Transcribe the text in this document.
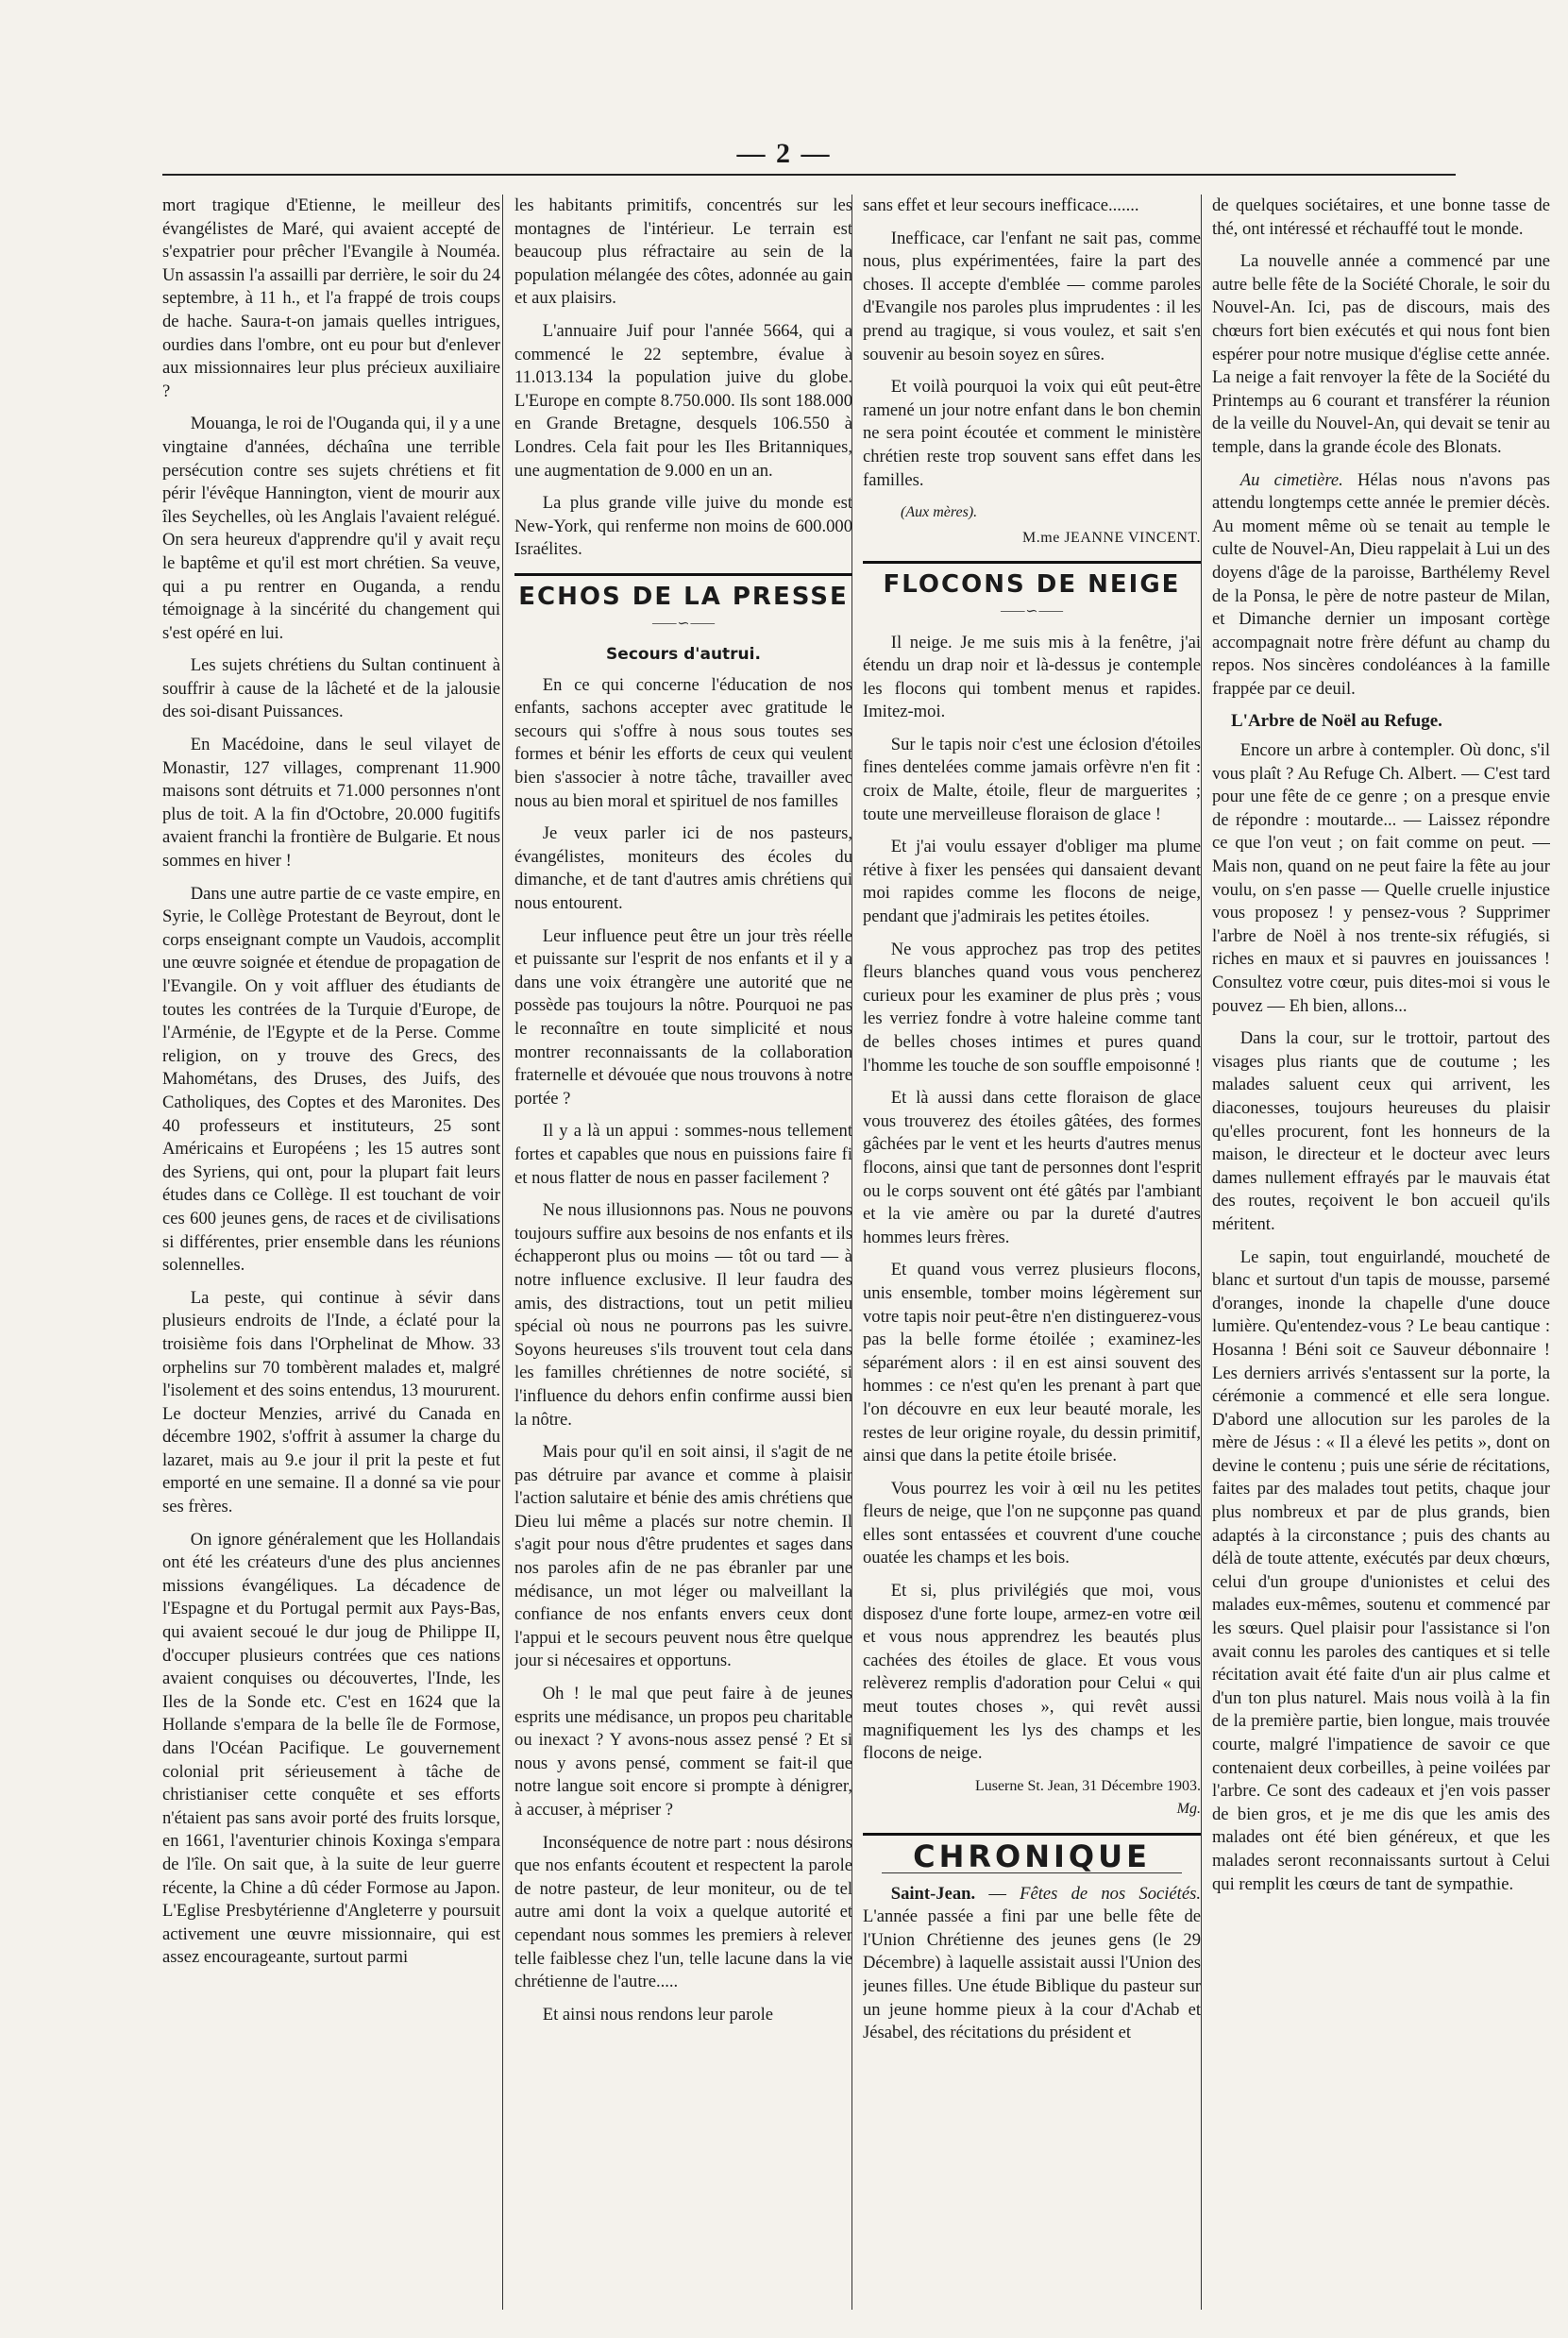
— 2 —

mort tragique d'Etienne, le meilleur des évangélistes de Maré, qui avaient accepté de s'expatrier pour prêcher l'Evangile à Nouméa. Un assassin l'a assailli par derrière, le soir du 24 septembre, à 11 h., et l'a frappé de trois coups de hache. Saura-t-on jamais quelles intrigues, ourdies dans l'ombre, ont eu pour but d'enlever aux missionnaires leur plus précieux auxiliaire ?

Mouanga, le roi de l'Ouganda qui, il y a une vingtaine d'années, déchaîna une terrible persécution contre ses sujets chrétiens et fit périr l'évêque Hannington, vient de mourir aux îles Seychelles, où les Anglais l'avaient relégué. On sera heureux d'apprendre qu'il y avait reçu le baptême et qu'il est mort chrétien. Sa veuve, qui a pu rentrer en Ouganda, a rendu témoignage à la sincérité du changement qui s'est opéré en lui.

Les sujets chrétiens du Sultan continuent à souffrir à cause de la lâcheté et de la jalousie des soi-disant Puissances.

En Macédoine, dans le seul vilayet de Monastir, 127 villages, comprenant 11.900 maisons sont détruits et 71.000 personnes n'ont plus de toit. A la fin d'Octobre, 20.000 fugitifs avaient franchi la frontière de Bulgarie. Et nous sommes en hiver !

Dans une autre partie de ce vaste empire, en Syrie, le Collège Protestant de Beyrout, dont le corps enseignant compte un Vaudois, accomplit une œuvre soignée et étendue de propagation de l'Evangile. On y voit affluer des étudiants de toutes les contrées de la Turquie d'Europe, de l'Arménie, de l'Egypte et de la Perse. Comme religion, on y trouve des Grecs, des Mahométans, des Druses, des Juifs, des Catholiques, des Coptes et des Maronites. Des 40 professeurs et instituteurs, 25 sont Américains et Européens ; les 15 autres sont des Syriens, qui ont, pour la plupart fait leurs études dans ce Collège. Il est touchant de voir ces 600 jeunes gens, de races et de civilisations si différentes, prier ensemble dans les réunions solennelles.

La peste, qui continue à sévir dans plusieurs endroits de l'Inde, a éclaté pour la troisième fois dans l'Orphelinat de Mhow. 33 orphelins sur 70 tombèrent malades et, malgré l'isolement et des soins entendus, 13 moururent. Le docteur Menzies, arrivé du Canada en décembre 1902, s'offrit à assumer la charge du lazaret, mais au 9.e jour il prit la peste et fut emporté en une semaine. Il a donné sa vie pour ses frères.

On ignore généralement que les Hollandais ont été les créateurs d'une des plus anciennes missions évangéliques. La décadence de l'Espagne et du Portugal permit aux Pays-Bas, qui avaient secoué le dur joug de Philippe II, d'occuper plusieurs contrées que ces nations avaient conquises ou découvertes, l'Inde, les Iles de la Sonde etc. C'est en 1624 que la Hollande s'empara de la belle île de Formose, dans l'Océan Pacifique. Le gouvernement colonial prit sérieusement à tâche de christianiser cette conquête et ses efforts n'étaient pas sans avoir porté des fruits lorsque, en 1661, l'aventurier chinois Koxinga s'empara de l'île. On sait que, à la suite de leur guerre récente, la Chine a dû céder Formose au Japon. L'Eglise Presbytérienne d'Angleterre y poursuit activement une œuvre missionnaire, qui est assez encourageante, surtout parmi

les habitants primitifs, concentrés sur les montagnes de l'intérieur. Le terrain est beaucoup plus réfractaire au sein de la population mélangée des côtes, adonnée au gain et aux plaisirs.

L'annuaire Juif pour l'année 5664, qui a commencé le 22 septembre, évalue à 11.013.134 la population juive du globe. L'Europe en compte 8.750.000. Ils sont 188.000 en Grande Bretagne, desquels 106.550 à Londres. Cela fait pour les Iles Britanniques, une augmentation de 9.000 en un an.

La plus grande ville juive du monde est New-York, qui renferme non moins de 600.000 Israélites.

ECHOS DE LA PRESSE
⸺∽⸺
Secours d'autrui.

En ce qui concerne l'éducation de nos enfants, sachons accepter avec gratitude le secours qui s'offre à nous sous toutes ses formes et bénir les efforts de ceux qui veulent bien s'associer à notre tâche, travailler avec nous au bien moral et spirituel de nos familles

Je veux parler ici de nos pasteurs, évangélistes, moniteurs des écoles du dimanche, et de tant d'autres amis chrétiens qui nous entourent.

Leur influence peut être un jour très réelle et puissante sur l'esprit de nos enfants et il y a dans une voix étrangère une autorité que ne possède pas toujours la nôtre. Pourquoi ne pas le reconnaître en toute simplicité et nous montrer reconnaissants de la collaboration fraternelle et dévouée que nous trouvons à notre portée ?

Il y a là un appui : sommes-nous tellement fortes et capables que nous en puissions faire fi et nous flatter de nous en passer facilement ?

Ne nous illusionnons pas. Nous ne pouvons toujours suffire aux besoins de nos enfants et ils échapperont plus ou moins — tôt ou tard — à notre influence exclusive. Il leur faudra des amis, des distractions, tout un petit milieu spécial où nous ne pourrons pas les suivre. Soyons heureuses s'ils trouvent tout cela dans les familles chrétiennes de notre société, si l'influence du dehors enfin confirme aussi bien la nôtre.

Mais pour qu'il en soit ainsi, il s'agit de ne pas détruire par avance et comme à plaisir l'action salutaire et bénie des amis chrétiens que Dieu lui même a placés sur notre chemin. Il s'agit pour nous d'être prudentes et sages dans nos paroles afin de ne pas ébranler par une médisance, un mot léger ou malveillant la confiance de nos enfants envers ceux dont l'appui et le secours peuvent nous être quelque jour si nécesaires et opportuns.

Oh ! le mal que peut faire à de jeunes esprits une médisance, un propos peu charitable ou inexact ? Y avons-nous assez pensé ? Et si nous y avons pensé, comment se fait-il que notre langue soit encore si prompte à dénigrer, à accuser, à mépriser ?

Inconséquence de notre part : nous désirons que nos enfants écoutent et respectent la parole de notre pasteur, de leur moniteur, ou de tel autre ami dont la voix a quelque autorité et cependant nous sommes les premiers à relever telle faiblesse chez l'un, telle lacune dans la vie chrétienne de l'autre.....

Et ainsi nous rendons leur parole

sans effet et leur secours inefficace.......

Inefficace, car l'enfant ne sait pas, comme nous, plus expérimentées, faire la part des choses. Il accepte d'emblée — comme paroles d'Evangile nos paroles plus imprudentes : il les prend au tragique, si vous voulez, et sait s'en souvenir au besoin soyez en sûres.

Et voilà pourquoi la voix qui eût peut-être ramené un jour notre enfant dans le bon chemin ne sera point écoutée et comment le ministère chrétien reste trop souvent sans effet dans les familles.

(Aux mères).

M.me JEANNE VINCENT.

FLOCONS DE NEIGE
⸺∽⸺

Il neige. Je me suis mis à la fenêtre, j'ai étendu un drap noir et là-dessus je contemple les flocons qui tombent menus et rapides. Imitez-moi.

Sur le tapis noir c'est une éclosion d'étoiles fines dentelées comme jamais orfèvre n'en fit : croix de Malte, étoile, fleur de marguerites ; toute une merveilleuse floraison de glace !

Et j'ai voulu essayer d'obliger ma plume rétive à fixer les pensées qui dansaient devant moi rapides comme les flocons de neige, pendant que j'admirais les petites étoiles.

Ne vous approchez pas trop des petites fleurs blanches quand vous vous pencherez curieux pour les examiner de plus près ; vous les verriez fondre à votre haleine comme tant de belles choses intimes et pures quand l'homme les touche de son souffle empoisonné !

Et là aussi dans cette floraison de glace vous trouverez des étoiles gâtées, des formes gâchées par le vent et les heurts d'autres menus flocons, ainsi que tant de personnes dont l'esprit ou le corps souvent ont été gâtés par l'ambiant et la vie amère ou par la dureté d'autres hommes leurs frères.

Et quand vous verrez plusieurs flocons, unis ensemble, tomber moins légèrement sur votre tapis noir peut-être n'en distinguerez-vous pas la belle forme étoilée ; examinez-les séparément alors : il en est ainsi souvent des hommes : ce n'est qu'en les prenant à part que l'on découvre en eux leur beauté morale, les restes de leur origine royale, du dessin primitif, ainsi que dans la petite étoile brisée.

Vous pourrez les voir à œil nu les petites fleurs de neige, que l'on ne supçonne pas quand elles sont entassées et couvrent d'une couche ouatée les champs et les bois.

Et si, plus privilégiés que moi, vous disposez d'une forte loupe, armez-en votre œil et vous nous apprendrez les beautés plus cachées des étoiles de glace. Et vous vous relèverez remplis d'adoration pour Celui « qui meut toutes choses », qui revêt aussi magnifiquement les lys des champs et les flocons de neige.

Luserne St. Jean, 31 Décembre 1903.

Mg.

CHRONIQUE

Saint-Jean. — Fêtes de nos Sociétés. L'année passée a fini par une belle fête de l'Union Chrétienne des jeunes gens (le 29 Décembre) à laquelle assistait aussi l'Union des jeunes filles. Une étude Biblique du pasteur sur un jeune homme pieux à la cour d'Achab et Jésabel, des récitations du président et

de quelques sociétaires, et une bonne tasse de thé, ont intéressé et réchauffé tout le monde.

La nouvelle année a commencé par une autre belle fête de la Société Chorale, le soir du Nouvel-An. Ici, pas de discours, mais des chœurs fort bien exécutés et qui nous font bien espérer pour notre musique d'église cette année. La neige a fait renvoyer la fête de la Société du Printemps au 6 courant et transférer la réunion de la veille du Nouvel-An, qui devait se tenir au temple, dans la grande école des Blonats.

Au cimetière. Hélas nous n'avons pas attendu longtemps cette année le premier décès. Au moment même où se tenait au temple le culte de Nouvel-An, Dieu rappelait à Lui un des doyens d'âge de la paroisse, Barthélemy Revel de la Ponsa, le père de notre pasteur de Milan, et Dimanche dernier un imposant cortège accompagnait notre frère défunt au champ du repos. Nos sincères condoléances à la famille frappée par ce deuil.

L'Arbre de Noël au Refuge.

Encore un arbre à contempler. Où donc, s'il vous plaît ? Au Refuge Ch. Albert. — C'est tard pour une fête de ce genre ; on a presque envie de répondre : moutarde... — Laissez répondre ce que l'on veut ; on fait comme on peut. — Mais non, quand on ne peut faire la fête au jour voulu, on s'en passe — Quelle cruelle injustice vous proposez ! y pensez-vous ? Supprimer l'arbre de Noël à nos trente-six réfugiés, si riches en maux et si pauvres en jouissances ! Consultez votre cœur, puis dites-moi si vous le pouvez — Eh bien, allons...

Dans la cour, sur le trottoir, partout des visages plus riants que de coutume ; les malades saluent ceux qui arrivent, les diaconesses, toujours heureuses du plaisir qu'elles procurent, font les honneurs de la maison, le directeur et le docteur avec leurs dames nullement effrayés par le mauvais état des routes, reçoivent le bon accueil qu'ils méritent.

Le sapin, tout enguirlandé, moucheté de blanc et surtout d'un tapis de mousse, parsemé d'oranges, inonde la chapelle d'une douce lumière. Qu'entendez-vous ? Le beau cantique : Hosanna ! Béni soit ce Sauveur débonnaire ! Les derniers arrivés s'entassent sur la porte, la cérémonie a commencé et elle sera longue. D'abord une allocution sur les paroles de la mère de Jésus : « Il a élevé les petits », dont on devine le contenu ; puis une série de récitations, faites par des malades tout petits, chaque jour plus nombreux et par de plus grands, bien adaptés à la circonstance ; puis des chants au délà de toute attente, exécutés par deux chœurs, celui d'un groupe d'unionistes et celui des malades eux-mêmes, soutenu et commencé par les sœurs. Quel plaisir pour l'assistance si l'on avait connu les paroles des cantiques et si telle récitation avait été faite d'un air plus calme et d'un ton plus naturel. Mais nous voilà à la fin de la première partie, bien longue, mais trouvée courte, malgré l'impatience de savoir ce que contenaient deux corbeilles, à peine voilées par l'arbre. Ce sont des cadeaux et j'en vois passer de bien gros, et je me dis que les amis des malades ont été bien généreux, et que les malades seront reconnaissants surtout à Celui qui remplit les cœurs de tant de sympathie.
